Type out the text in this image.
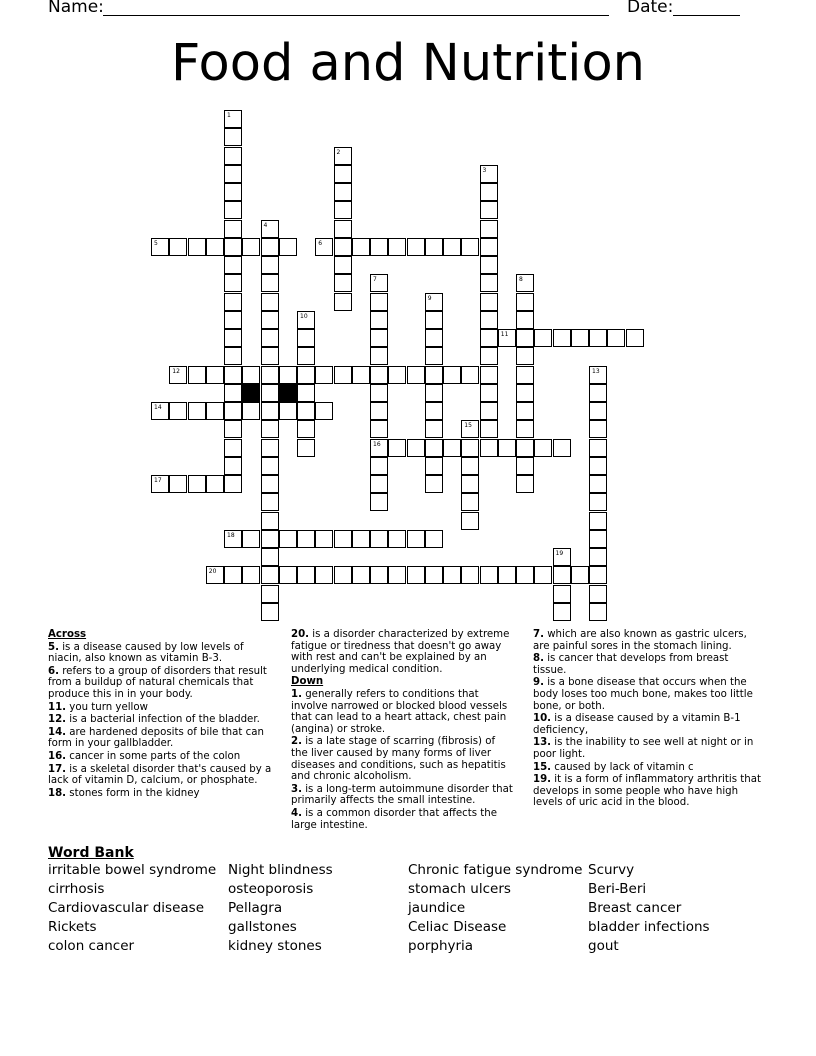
Name:	Date:
Food and Nutrition
1
2
3
4
5	6
7
16
8
9
10
11
12	13
14
15
17
18
19
20

Across

5. is a disease caused by low levels of niacin, also known as vitamin B-3.

6. refers to a group of disorders that result from a buildup of natural chemicals that produce this in in your body.

11. you turn yellow

12. is a bacterial infection of the bladder.

14. are hardened deposits of bile that can form in your gallbladder.

16. cancer in some parts of the colon

17. is a skeletal disorder that's caused by a lack of vitamin D, calcium, or phosphate.

18. stones form in the kidney

20. is a disorder characterized by extreme fatigue or tiredness that doesn't go away with rest and can't be explained by an underlying medical condition.

Down

1. generally refers to conditions that involve narrowed or blocked blood vessels that can lead to a heart attack, chest pain (angina) or stroke.

2. is a late stage of scarring (fibrosis) of the liver caused by many forms of liver diseases and conditions, such as hepatitis and chronic alcoholism.

3. is a long-term autoimmune disorder that primarily affects the small intestine.

4. is a common disorder that affects the large intestine.

7. which are also known as gastric ulcers, are painful sores in the stomach lining.

8. is cancer that develops from breast tissue.

9. is a bone disease that occurs when the body loses too much bone, makes too little bone, or both.

10. is a disease caused by a vitamin B-1 deficiency,

13. is the inability to see well at night or in poor light.

15. caused by lack of vitamin c

19. it is a form of inflammatory arthritis that develops in some people who have high levels of uric acid in the blood.

Word Bank
irritable bowel syndrome
cirrhosis
Cardiovascular disease
Rickets
colon cancer
Night blindness
osteoporosis
Pellagra
gallstones
kidney stones
Chronic fatigue syndrome
stomach ulcers
jaundice
Celiac Disease
porphyria
Scurvy
Beri-Beri
Breast cancer
bladder infections
gout
